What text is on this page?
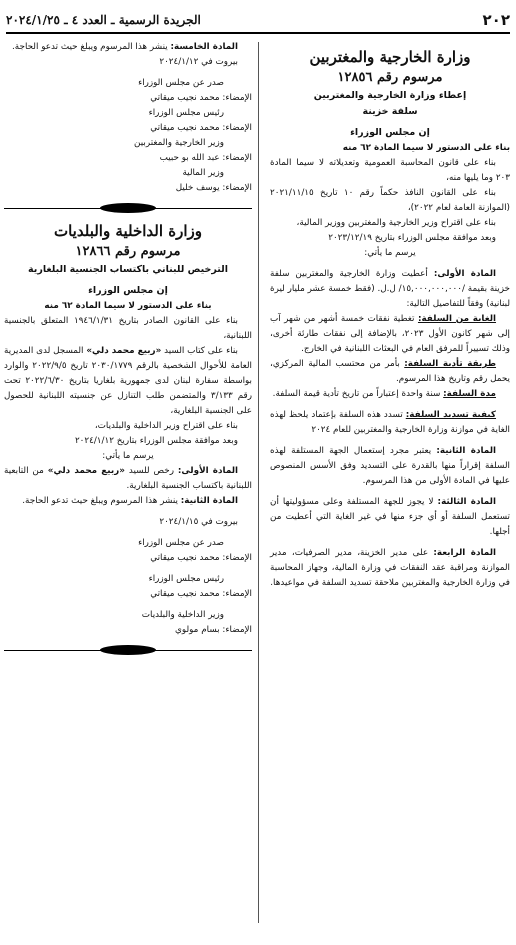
٢٠٢
الجريدة الرسمية ـ العدد ٤ ـ ٢٠٢٤/١/٢٥
وزارة الخارجية والمغتربين
مرسوم رقم ١٢٨٥٦
إعطاء وزارة الخارجية والمغتربين
سلفة خزينة
إن مجلس الوزراء
بناء على الدستور لا سيما المادة ٦٢ منه
بناء على قانون المحاسبة العمومية وتعديلاته لا سيما المادة ٢٠٣ وما يليها منه،
بناء على القانون النافذ حكماً رقم ١٠ تاريخ ٢٠٢١/١١/١٥ (الموازنة العامة لعام ٢٠٢٢)،
بناء على اقتراح وزير الخارجية والمغتربين ووزير المالية،
وبعد موافقة مجلس الوزراء بتاريخ ٢٠٢٣/١٢/١٩
يرسم ما يأتي:
المادة الأولى: أعطيت وزارة الخارجية والمغتربين سلفة خزينة بقيمة /١٥,٠٠٠,٠٠٠,٠٠٠/ ل.ل. (فقط خمسة عشر مليار ليرة لبنانية) وفقاً للتفاصيل التالية:
الغاية من السلفة: تغطية نفقات خمسة أشهر من شهر آب إلى شهر كانون الأول ٢٠٢٣، بالإضافة إلى نفقات طارئة أخرى، وذلك تسييراً للمرفق العام في البعثات اللبنانية في الخارج.
طريقة تأدية السلفة: بأمر من محتسب المالية المركزي، يحمل رقم وتاريخ هذا المرسوم.
مدة السلفة: سنة واحدة إعتباراً من تاريخ تأدية قيمة السلفة.
كيفية تسديد السلفة: تسدد هذه السلفة بإعتماد يلحظ لهذه الغاية في موازنة وزارة الخارجية والمغتربين للعام ٢٠٢٤
المادة الثانية: يعتبر مجرد إستعمال الجهة المستلفة لهذه السلفة إقراراً منها بالقدرة على التسديد وفق الأسس المنصوص عليها في المادة الأولى من هذا المرسوم.
المادة الثالثة: لا يجوز للجهة المستلفة وعلى مسؤوليتها أن تستعمل السلفة أو أي جزء منها في غير الغاية التي أعطيت من أجلها.
المادة الرابعة: على مدير الخزينة، مدير الصرفيات، مدير الموازنة ومراقبة عقد النفقات في وزارة المالية، وجهاز المحاسبة في وزارة الخارجية والمغتربين ملاحقة تسديد السلفة في مواعيدها.
المادة الخامسة: ينشر هذا المرسوم ويبلغ حيث تدعو الحاجة.
بيروت في ٢٠٢٤/١/١٢
صدر عن مجلس الوزراء
الإمضاء: محمد نجيب ميقاتي
رئيس مجلس الوزراء
الإمضاء: محمد نجيب ميقاتي
وزير الخارجية والمغتربين
الإمضاء: عبد الله بو حبيب
وزير المالية
الإمضاء: يوسف خليل
وزارة الداخلية والبلديات
مرسوم رقم ١٢٨٦٦
الترخيص للبناني باكتساب الجنسية البلغارية
إن مجلس الوزراء
بناء على الدستور لا سيما المادة ٦٢ منه
بناء على القانون الصادر بتاريخ ١٩٤٦/١/٣١ المتعلق بالجنسية اللبنانية،
بناء على كتاب السيد «ربيع محمد دلي» المسجل لدى المديرية العامة للأحوال الشخصية بالرقم ٢٠٣٠/١٧٧٩ تاريخ ٢٠٢٢/٩/٥ والوارد بواسطة سفارة لبنان لدى جمهورية بلغاريا بتاريخ ٢٠٢٢/٦/٣٠ تحت رقم ٣/١٣٣ والمتضمن طلب التنازل عن جنسيته اللبنانية للحصول على الجنسية البلغارية،
بناء على اقتراح وزير الداخلية والبلديات،
وبعد موافقة مجلس الوزراء بتاريخ ٢٠٢٤/١/١٢
يرسم ما يأتي:
المادة الأولى: رخص للسيد «ربيع محمد دلي» من التابعية اللبنانية باكتساب الجنسية البلغارية.
المادة الثانية: ينشر هذا المرسوم ويبلغ حيث تدعو الحاجة.
بيروت في ٢٠٢٤/١/١٥
صدر عن مجلس الوزراء
الإمضاء: محمد نجيب ميقاتي
رئيس مجلس الوزراء
الإمضاء: محمد نجيب ميقاتي
وزير الداخلية والبلديات
الإمضاء: بسام مولوي
